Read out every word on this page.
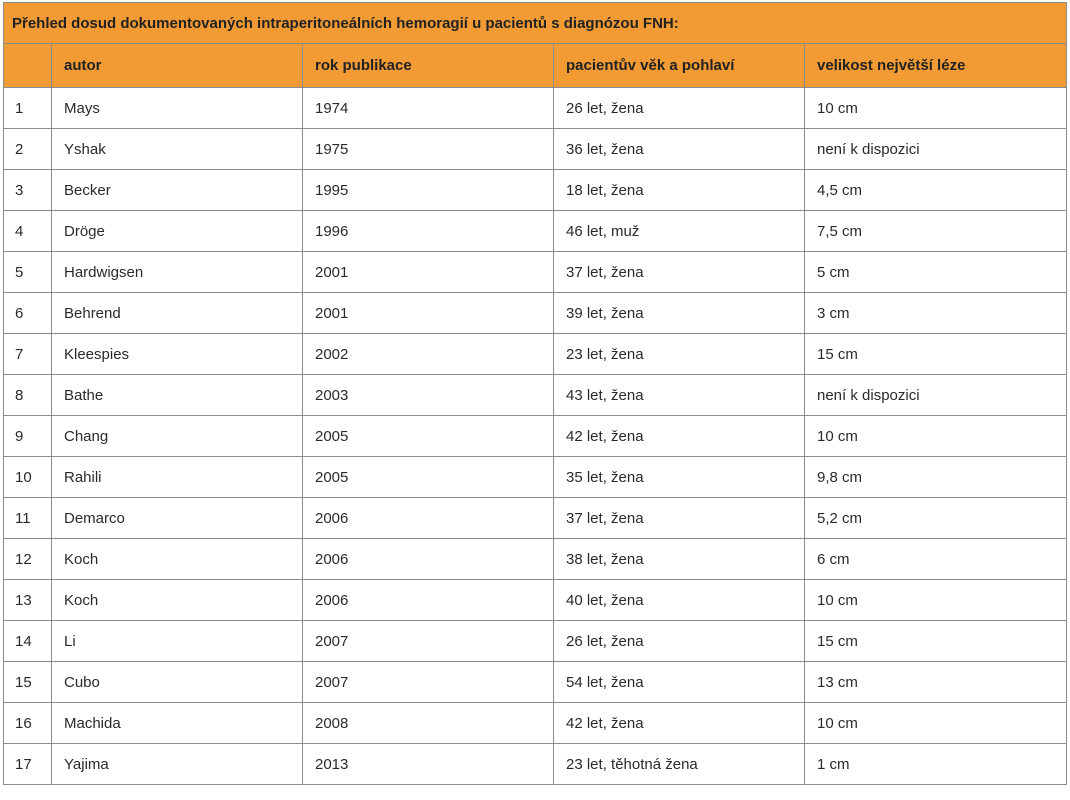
Přehled dosud dokumentovaných intraperitoneálních hemoragií u pacientů s diagnózou FNH:				
	autor	rok publikace	pacientův věk a pohlaví	velikost největší léze
1	Mays	1974	26 let, žena	10 cm
2	Yshak	1975	36 let, žena	není k dispozici
3	Becker	1995	18 let, žena	4,5 cm
4	Dröge	1996	46 let, muž	7,5 cm
5	Hardwigsen	2001	37 let, žena	5 cm
6	Behrend	2001	39 let, žena	3 cm
7	Kleespies	2002	23 let, žena	15 cm
8	Bathe	2003	43 let, žena	není k dispozici
9	Chang	2005	42 let, žena	10 cm
10	Rahili	2005	35 let, žena	9,8 cm
11	Demarco	2006	37 let, žena	5,2 cm
12	Koch	2006	38 let, žena	6 cm
13	Koch	2006	40 let, žena	10 cm
14	Li	2007	26 let, žena	15 cm
15	Cubo	2007	54 let, žena	13 cm
16	Machida	2008	42 let, žena	10 cm
17	Yajima	2013	23 let, těhotná žena	1 cm
